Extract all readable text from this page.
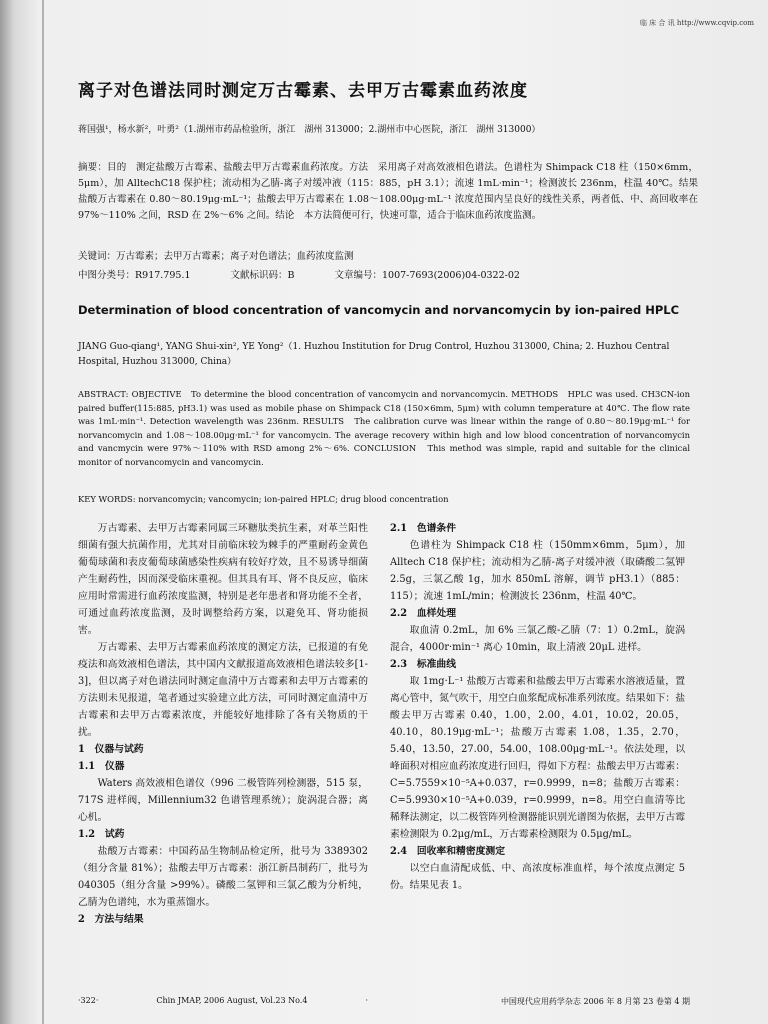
临 床 合 讯 http://www.cqvip.com
离子对色谱法同时测定万古霉素、去甲万古霉素血药浓度
蒋国强¹，杨水新²，叶勇²（1.湖州市药品检验所，浙江　湖州 313000；2.湖州市中心医院，浙江　湖州 313000）
摘要：目的　测定盐酸万古霉素、盐酸去甲万古霉素血药浓度。方法　采用离子对高效液相色谱法。色谱柱为 Shimpack C18 柱（150×6mm，5μm），加 AlltechC18 保护柱；流动相为乙腈-离子对缓冲液（115：885，pH 3.1）；流速 1mL·min⁻¹；检测波长 236nm，柱温 40℃。结果　盐酸万古霉素在 0.80～80.19μg·mL⁻¹；盐酸去甲万古霉素在 1.08～108.00μg·mL⁻¹ 浓度范围内呈良好的线性关系，两者低、中、高回收率在 97%～110% 之间，RSD 在 2%～6% 之间。结论　本方法简便可行，快速可靠，适合于临床血药浓度监测。
关键词：万古霉素；去甲万古霉素；离子对色谱法；血药浓度监测
中图分类号：R917.795.1	文献标识码：B	文章编号：1007-7693(2006)04-0322-02
Determination of blood concentration of vancomycin and norvancomycin by ion-paired HPLC
JIANG Guo-qiang¹, YANG Shui-xin², YE Yong²（1. Huzhou Institution for Drug Control, Huzhou 313000, China; 2. Huzhou Central Hospital, Huzhou 313000, China）
ABSTRACT: OBJECTIVE　To determine the blood concentration of vancomycin and norvancomycin. METHODS　HPLC was used. CH3CN-ion paired buffer(115:885, pH3.1) was used as mobile phase on Shimpack C18 (150×6mm, 5μm) with column temperature at 40℃. The flow rate was 1mL·min⁻¹. Detection wavelength was 236nm. RESULTS　The calibration curve was linear within the range of 0.80～80.19μg·mL⁻¹ for norvancomycin and 1.08～108.00μg·mL⁻¹ for vancomycin. The average recovery within high and low blood concentration of norvancomycin and vancmycin were 97%～110% with RSD among 2%～6%. CONCLUSION　This method was simple, rapid and suitable for the clinical monitor of norvancomycin and vancomycin.
KEY WORDS: norvancomycin; vancomycin; ion-paired HPLC; drug blood concentration

万古霉素、去甲万古霉素同属三环糖肽类抗生素，对革兰阳性细菌有强大抗菌作用，尤其对目前临床较为棘手的严重耐药金黄色葡萄球菌和表皮葡萄球菌感染性疾病有较好疗效，且不易诱导细菌产生耐药性，因而深受临床重视。但其具有耳、肾不良反应，临床应用时常需进行血药浓度监测，特别是老年患者和肾功能不全者，可通过血药浓度监测，及时调整给药方案，以避免耳、肾功能损害。

万古霉素、去甲万古霉素血药浓度的测定方法，已报道的有免疫法和高效液相色谱法，其中国内文献报道高效液相色谱法较多[1-3]，但以离子对色谱法同时测定血清中万古霉素和去甲万古霉素的方法则未见报道，笔者通过实验建立此方法，可同时测定血清中万古霉素和去甲万古霉素浓度，并能较好地排除了各有关物质的干扰。

1　仪器与试药

1.1　仪器

Waters 高效液相色谱仪（996 二极管阵列检测器，515 泵，717S 进样阀，Millennium32 色谱管理系统）；旋涡混合器；离心机。

1.2　试药

盐酸万古霉素：中国药品生物制品检定所，批号为 3389302（组分含量 81%）；盐酸去甲万古霉素：浙江新昌制药厂，批号为 040305（组分含量 >99%）。磷酸二氢钾和三氯乙酸为分析纯，乙腈为色谱纯，水为重蒸馏水。

2　方法与结果

2.1　色谱条件

色谱柱为 Shimpack C18 柱（150mm×6mm，5μm），加 Alltech C18 保护柱；流动相为乙腈-离子对缓冲液（取磷酸二氢钾 2.5g，三氯乙酸 1g，加水 850mL 溶解，调节 pH3.1）（885：115）；流速 1mL/min；检测波长 236nm，柱温 40℃。

2.2　血样处理

取血清 0.2mL，加 6% 三氯乙酸-乙腈（7：1）0.2mL，旋涡混合，4000r·min⁻¹ 离心 10min，取上清液 20μL 进样。

2.3　标准曲线

取 1mg·L⁻¹ 盐酸万古霉素和盐酸去甲万古霉素水溶液适量，置离心管中，氮气吹干，用空白血浆配成标准系列浓度。结果如下：盐酸去甲万古霉素 0.40，1.00，2.00，4.01，10.02，20.05，40.10，80.19μg·mL⁻¹；盐酸万古霉素 1.08，1.35，2.70，5.40，13.50，27.00，54.00，108.00μg·mL⁻¹。依法处理，以峰面积对相应血药浓度进行回归，得如下方程：盐酸去甲万古霉素：C=5.7559×10⁻⁵A+0.037，r=0.9999，n=8；盐酸万古霉素：C=5.9930×10⁻⁵A+0.039，r=0.9999，n=8。用空白血清等比稀释法测定，以二极管阵列检测器能识别光谱图为依据，去甲万古霉素检测限为 0.2μg/mL，万古霉素检测限为 0.5μg/mL。

2.4　回收率和精密度测定

以空白血清配成低、中、高浓度标准血样，每个浓度点测定 5 份。结果见表 1。

·322·	Chin JMAP, 2006 August, Vol.23 No.4	·	中国现代应用药学杂志 2006 年 8 月第 23 卷第 4 期
